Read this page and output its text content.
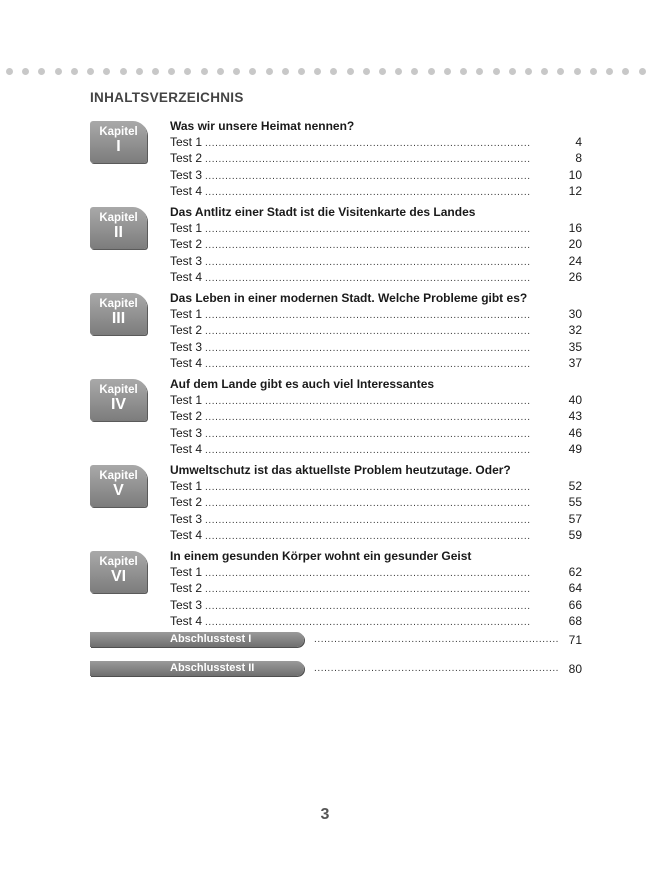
INHALTSVERZEICHNIS
Kapitel
I
Was wir unsere Heimat nennen?
Test 1 . . .	4
Test 2 . . .	8
Test 3 . . .	10
Test 4 . . .	12
Kapitel
II
Das Antlitz einer Stadt ist die Visitenkarte des Landes
Test 1 . . .	16
Test 2 . . .	20
Test 3 . . .	24
Test 4 . . .	26
Kapitel
III
Das Leben in einer modernen Stadt. Welche Probleme gibt es?
Test 1 . . .	30
Test 2 . . .	32
Test 3 . . .	35
Test 4 . . .	37
Kapitel
IV
Auf dem Lande gibt es auch viel Interessantes
Test 1 . . .	40
Test 2 . . .	43
Test 3 . . .	46
Test 4 . . .	49
Kapitel
V
Umweltschutz ist das aktuellste Problem heutzutage. Oder?
Test 1 . . .	52
Test 2 . . .	55
Test 3 . . .	57
Test 4 . . .	59
Kapitel
VI
In einem gesunden Körper wohnt ein gesunder Geist
Test 1 . . .	62
Test 2 . . .	64
Test 3 . . .	66
Test 4 . . .	68
Abschlusstest I . . .	71
Abschlusstest II . . .	80
3
